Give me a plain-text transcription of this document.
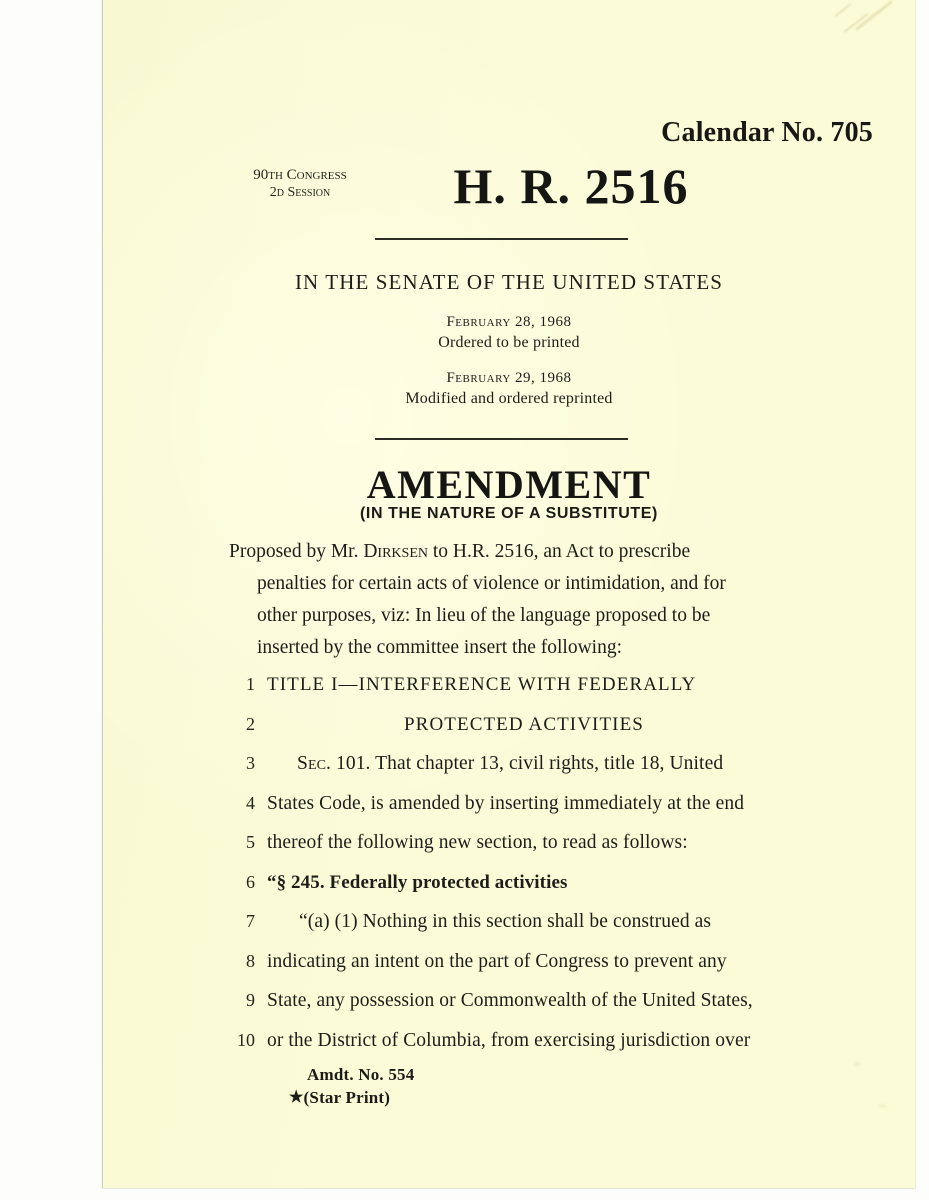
Calendar No. 705
90th Congress
2d Session	H. R. 2516
IN THE SENATE OF THE UNITED STATES
February 28, 1968
Ordered to be printed
February 29, 1968
Modified and ordered reprinted
AMENDMENT
(IN THE NATURE OF A SUBSTITUTE)
Proposed by Mr. Dirksen to H.R. 2516, an Act to prescribe
penalties for certain acts of violence or intimidation, and for
other purposes, viz: In lieu of the language proposed to be
inserted by the committee insert the following:
1 TITLE I—INTERFERENCE WITH FEDERALLY
2	PROTECTED ACTIVITIES
3	Sec. 101. That chapter 13, civil rights, title 18, United
4 States Code, is amended by inserting immediately at the end
5 thereof the following new section, to read as follows:
6 “§ 245. Federally protected activities
7	“(a) (1) Nothing in this section shall be construed as
8 indicating an intent on the part of Congress to prevent any
9 State, any possession or Commonwealth of the United States,
10 or the District of Columbia, from exercising jurisdiction over
Amdt. No. 554
★(Star Print)
